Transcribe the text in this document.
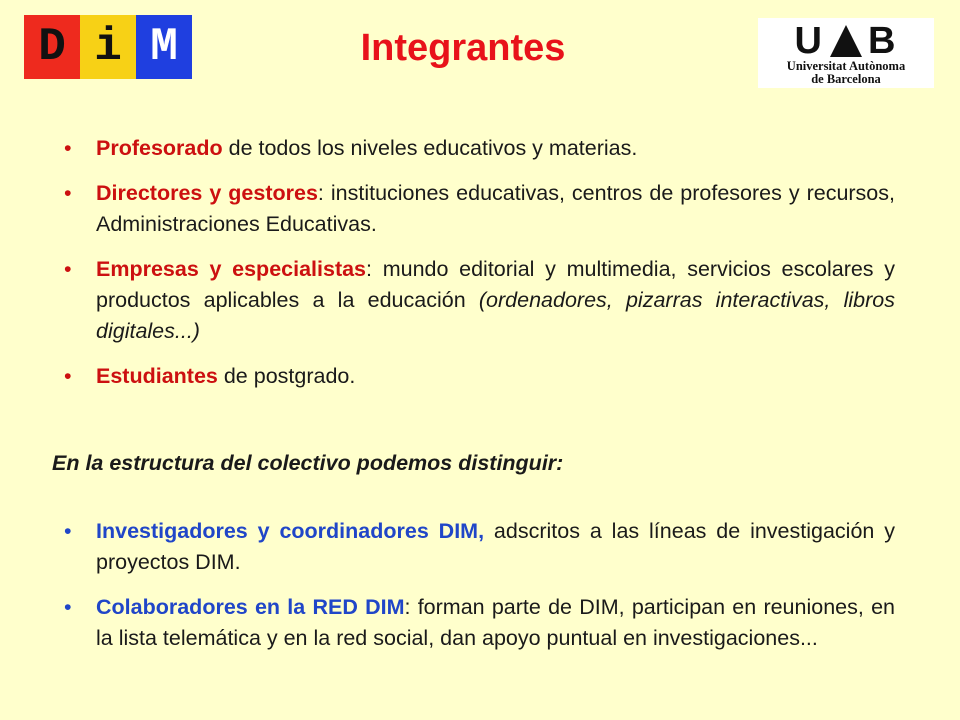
D i M	Integrantes	U B
Universitat Autònoma
de Barcelona
• Profesorado de todos los niveles educativos y materias.
• Directores y gestores: instituciones educativas, centros de profesores y recursos, Administraciones Educativas.
• Empresas y especialistas: mundo editorial y multimedia, servicios escolares y productos aplicables a la educación (ordenadores, pizarras interactivas, libros digitales...)
• Estudiantes de postgrado.

En la estructura del colectivo podemos distinguir:

• Investigadores y coordinadores DIM, adscritos a las líneas de investigación y proyectos DIM.
• Colaboradores en la RED DIM: forman parte de DIM, participan en reuniones, en la lista telemática y en la red social, dan apoyo puntual en investigaciones...
